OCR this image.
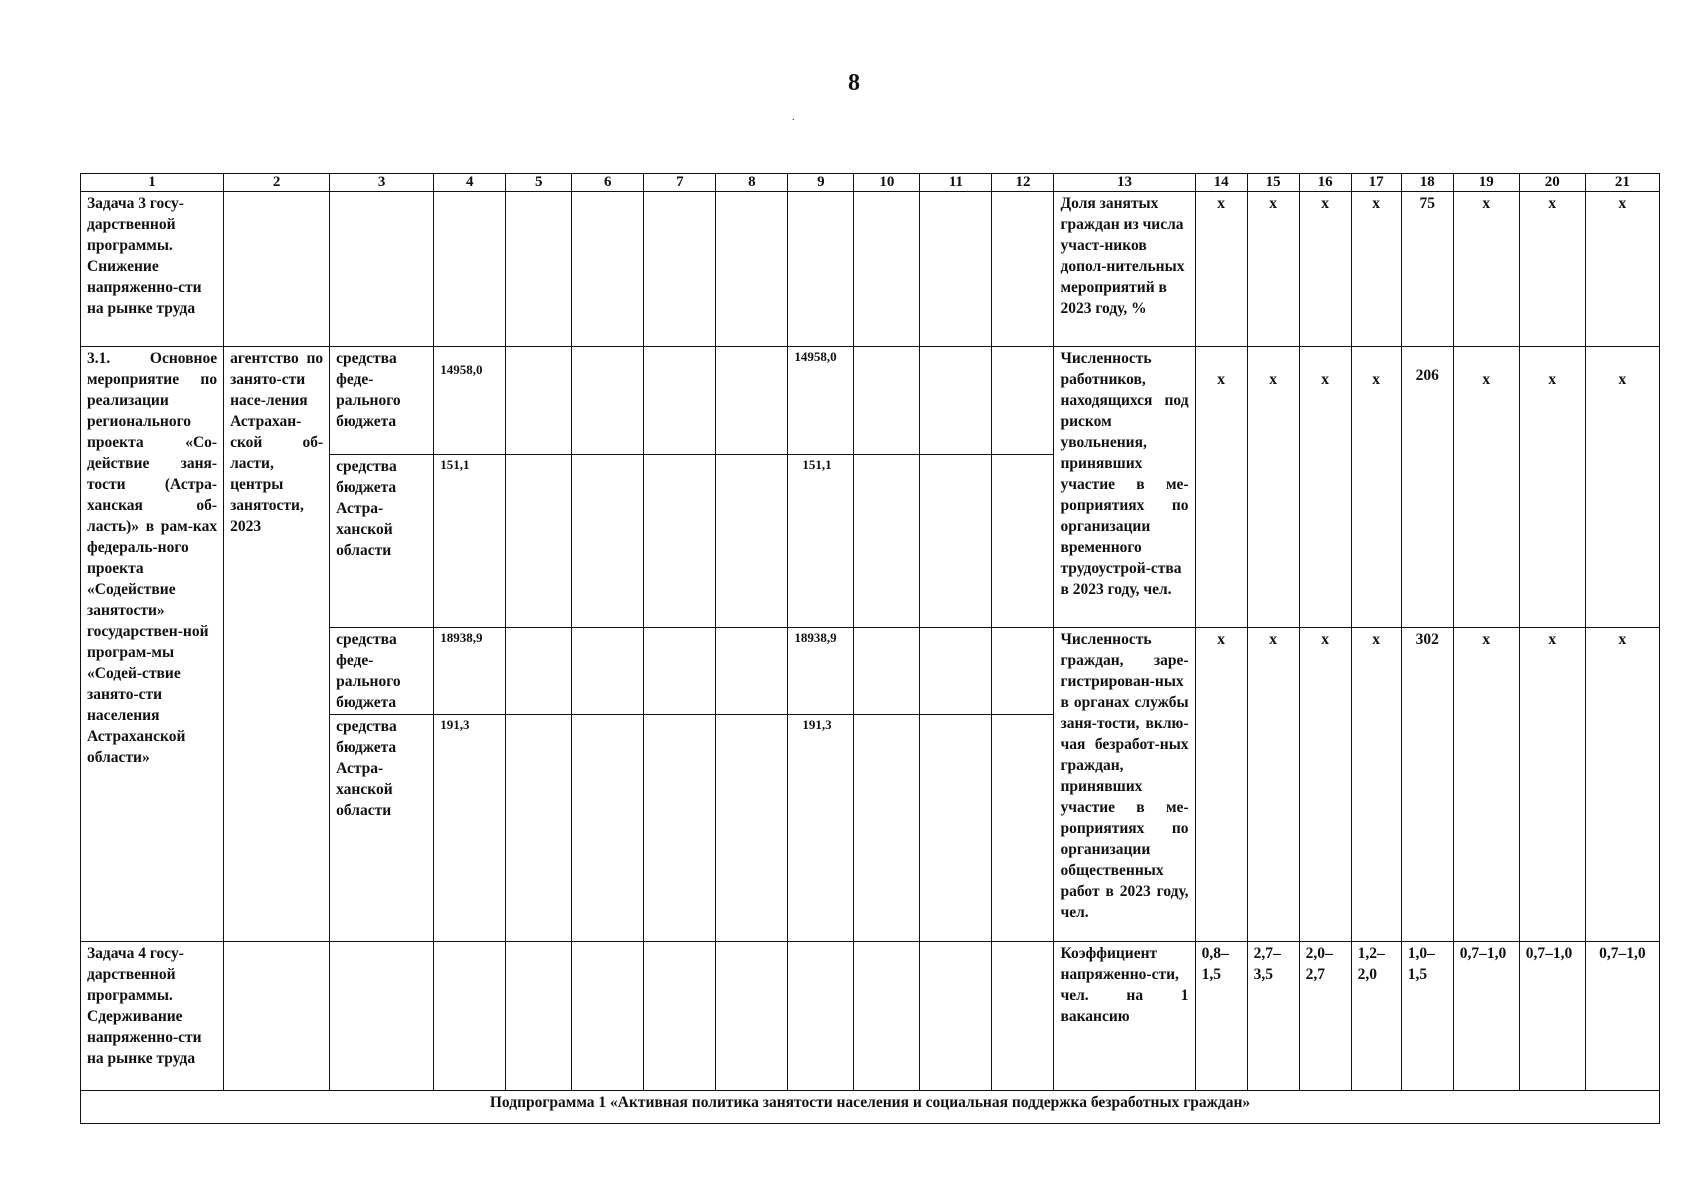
8
.
1	2	3	4	5	6	7	8	9	10	11	12	13	14	15	16	17	18	19	20	21
Задача 3 госу-дарственной программы. Снижение напряженно-сти на рынке труда												Доля занятых граждан из числа участ-ников допол-нительных мероприятий в 2023 году, %	х	х	х	х	75	х	х	х
3.1. Основное мероприятие по реализации регионального проекта «Со-действие заня-тости (Астра-ханская об-ласть)» в рам-ках федераль-ного проекта «Содействие занятости» государствен-ной програм-мы «Содей-ствие занято-сти населения Астраханской области»	агентство по занято-сти насе-ления Астрахан-ской об-ласти, центры занятости, 2023	средства феде-рального бюджета	14958,0					14958,0				Численность работников, находящихся под риском увольнения, принявших участие в ме-роприятиях по организации временного трудоустрой-ства в 2023 году, чел.	х	х	х	х	206	х	х	х
		средства бюджета Астра-ханской области	151,1					151,1												
		средства феде-рального бюджета	18938,9					18938,9				Численность граждан, заре-гистрирован-ных в органах службы заня-тости, вклю-чая безработ-ных граждан, принявших участие в ме-роприятиях по организации общественных работ в 2023 году, чел.	х	х	х	х	302	х	х	х
		средства бюджета Астра-ханской области	191,3					191,3												
Задача 4 госу-дарственной программы. Сдерживание напряженно-сти на рынке труда												Коэффициент напряженно-сти, чел. на 1 вакансию	0,8–1,5	2,7–3,5	2,0–2,7	1,2–2,0	1,0–1,5	0,7–1,0	0,7–1,0	0,7–1,0
Подпрограмма 1 «Активная политика занятости населения и социальная поддержка безработных граждан»																				
